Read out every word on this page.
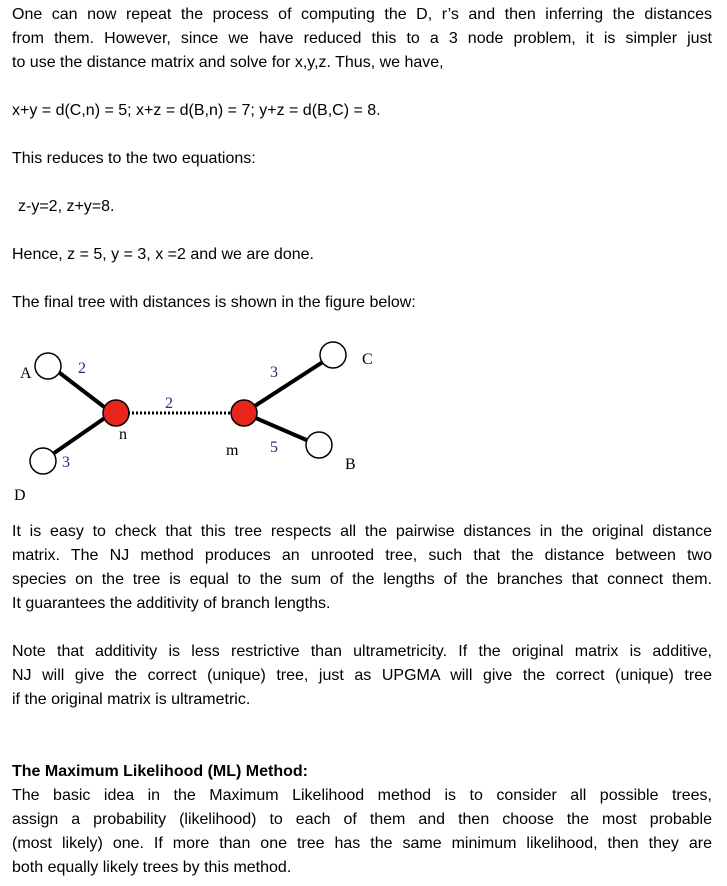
One can now repeat the process of computing the D, r’s and then inferring the distances
from them. However, since we have reduced this to a 3 node problem, it is simpler just
to use the distance matrix and solve for x,y,z. Thus, we have,

x+y = d(C,n) = 5; x+z = d(B,n) = 7; y+z = d(B,C) = 8.

This reduces to the two equations:

z-y=2, z+y=8.

Hence, z = 5, y = 3, x =2 and we are done.

The final tree with distances is shown in the figure below:

A
C
D
B
n
m
2
3
2
3
5

It is easy to check that this tree respects all the pairwise distances in the original distance
matrix. The NJ method produces an unrooted tree, such that the distance between two
species on the tree is equal to the sum of the lengths of the branches that connect them.
It guarantees the additivity of branch lengths.

Note that additivity is less restrictive than ultrametricity. If the original matrix is additive,
NJ will give the correct (unique) tree, just as UPGMA will give the correct (unique) tree
if the original matrix is ultrametric.

The Maximum Likelihood (ML) Method:
The basic idea in the Maximum Likelihood method is to consider all possible trees,
assign a probability (likelihood) to each of them and then choose the most probable
(most likely) one. If more than one tree has the same minimum likelihood, then they are
both equally likely trees by this method.
